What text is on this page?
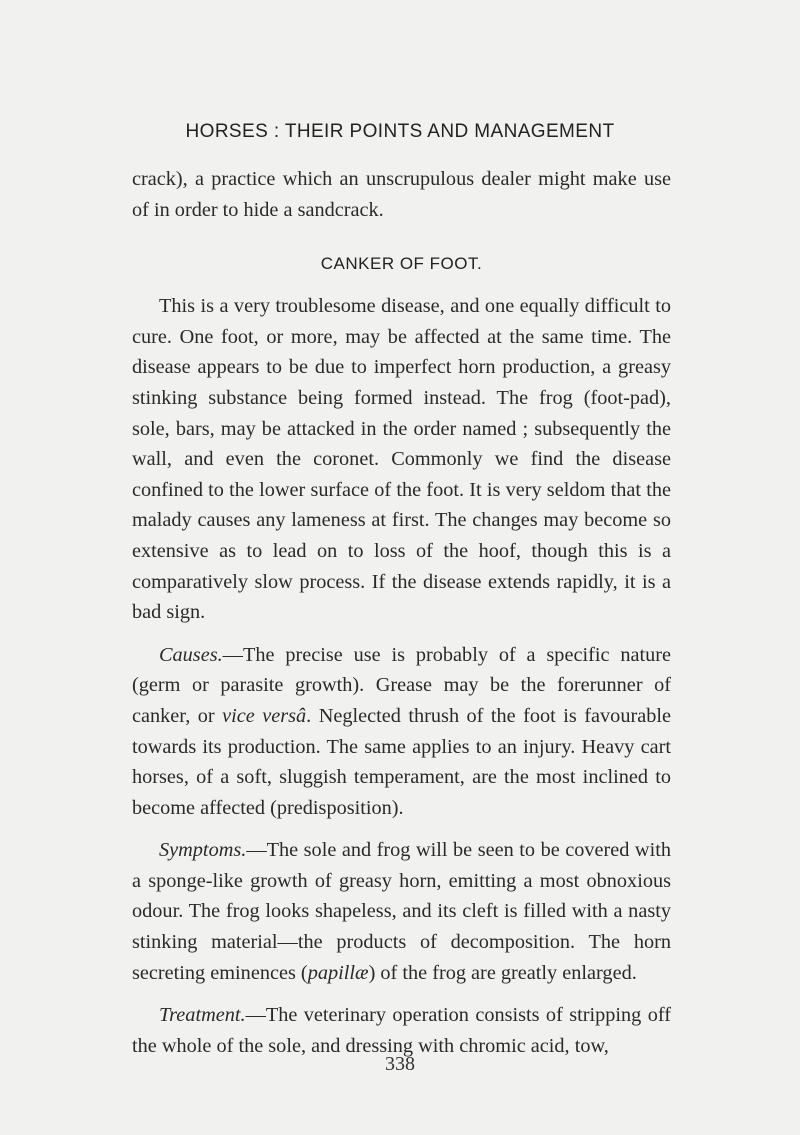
HORSES : THEIR POINTS AND MANAGEMENT

crack), a practice which an unscrupulous dealer might make use of in order to hide a sandcrack.

CANKER OF FOOT.

This is a very troublesome disease, and one equally difficult to cure. One foot, or more, may be affected at the same time. The disease appears to be due to imperfect horn production, a greasy stinking substance being formed instead. The frog (foot-pad), sole, bars, may be attacked in the order named ; subsequently the wall, and even the coronet. Commonly we find the disease confined to the lower surface of the foot. It is very seldom that the malady causes any lameness at first. The changes may become so extensive as to lead on to loss of the hoof, though this is a comparatively slow process. If the disease extends rapidly, it is a bad sign.

Causes.—The precise use is probably of a specific nature (germ or parasite growth). Grease may be the forerunner of canker, or vice versâ. Neglected thrush of the foot is favourable towards its production. The same applies to an injury. Heavy cart horses, of a soft, sluggish temperament, are the most inclined to become affected (predisposition).

Symptoms.—The sole and frog will be seen to be covered with a sponge-like growth of greasy horn, emitting a most obnoxious odour. The frog looks shapeless, and its cleft is filled with a nasty stinking material—the products of decomposition. The horn secreting eminences (papillæ) of the frog are greatly enlarged.

Treatment.—The veterinary operation consists of stripping off the whole of the sole, and dressing with chromic acid, tow,

338
